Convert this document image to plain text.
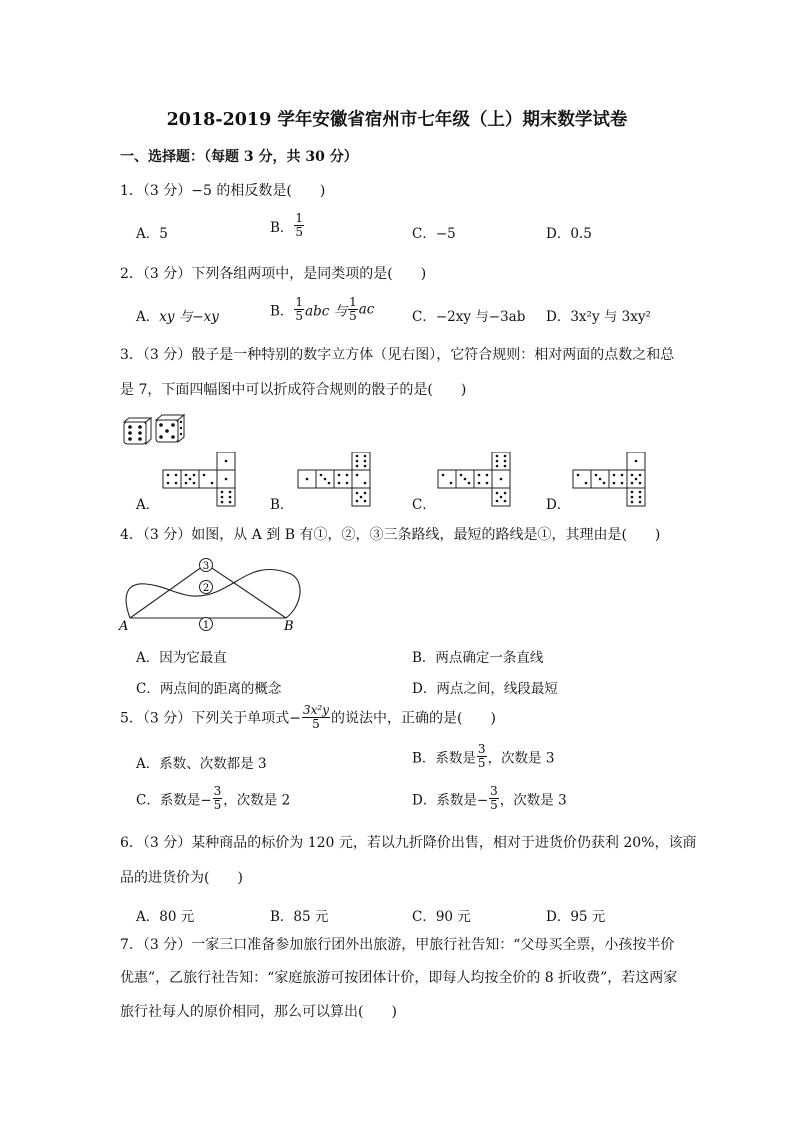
2018-2019 学年安徽省宿州市七年级（上）期末数学试卷
一、选择题：（每题 3 分，共 30 分）
1．（3 分）−5 的相反数是(　　)
A．5	B． $\frac{1}{5}$	C．−5	D．0.5
2．（3 分）下列各组两项中，是同类项的是(　　)
A．xy 与−xy	B． $\frac{1}{5}$ abc 与 $\frac{1}{5}$ ac	C．−2xy 与−3ab D．3x²y 与 3xy²
3．（3 分）骰子是一种特别的数字立方体（见右图），它符合规则：相对两面的点数之和总
是 7，下面四幅图中可以折成符合规则的骰子的是(　　)
A．	B．	C．	D．
4．（3 分）如图，从 A 到 B 有①，②，③三条路线，最短的路线是①，其理由是(　　)
3
2
1
A	B
A．因为它最直	B．两点确定一条直线
C．两点间的距离的概念	D．两点之间，线段最短
5．（3 分）下列关于单项式− $\frac{\text{3x²y}}{5}$ 的说法中，正确的是(　　)
A．系数、次数都是 3	B．系数是 $\frac{3}{5}$ ，次数是 3
C．系数是− $\frac{3}{5}$ ，次数是 2	D．系数是− $\frac{3}{5}$ ，次数是 3
6．（3 分）某种商品的标价为 120 元，若以九折降价出售，相对于进货价仍获利 20%，该商
品的进货价为(　　)
A．80 元	B．85 元	C．90 元	D．95 元
7．（3 分）一家三口准备参加旅行团外出旅游，甲旅行社告知：“父母买全票，小孩按半价
优惠”，乙旅行社告知：“家庭旅游可按团体计价，即每人均按全价的 8 折收费”，若这两家
旅行社每人的原价相同，那么可以算出(　　)
